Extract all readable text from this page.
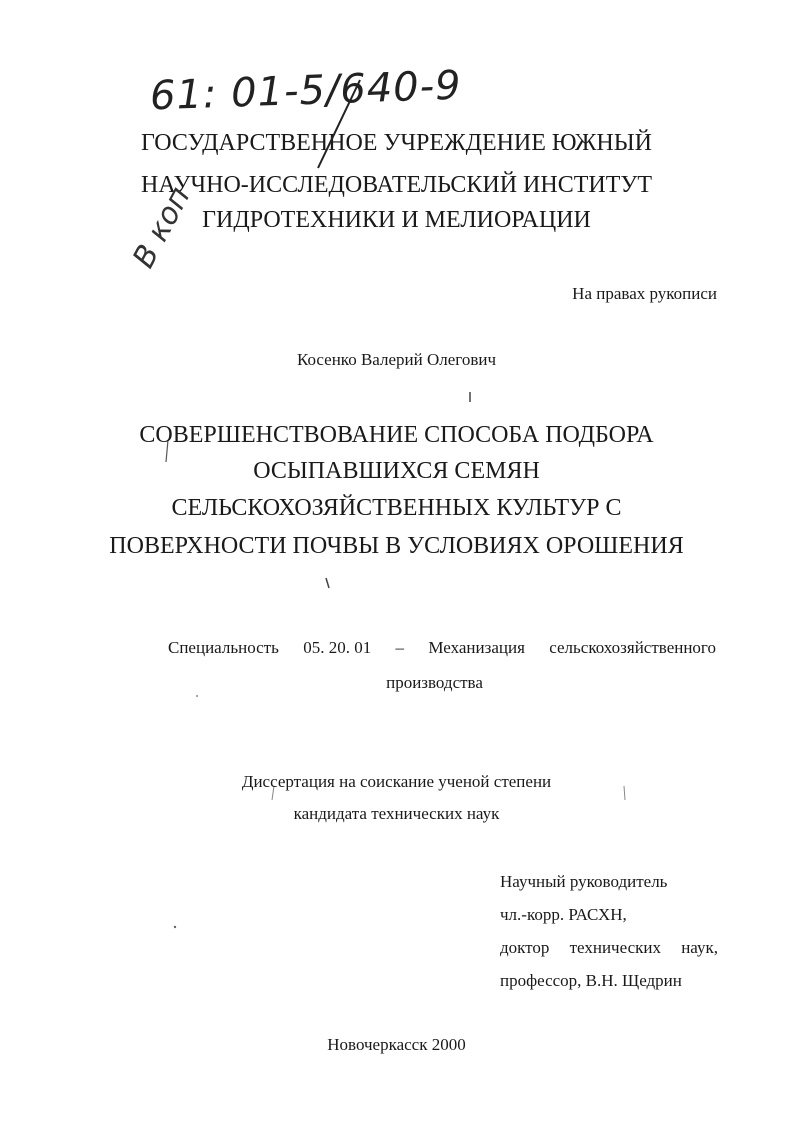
61: 01-5/640-9
ГОСУДАРСТВЕННОЕ УЧРЕЖДЕНИЕ ЮЖНЫЙ
НАУЧНО-ИССЛЕДОВАТЕЛЬСКИЙ ИНСТИТУТ
ГИДРОТЕХНИКИ И МЕЛИОРАЦИИ
На правах рукописи
В коп
Косенко Валерий Олегович
СОВЕРШЕНСТВОВАНИЕ СПОСОБА ПОДБОРА
ОСЫПАВШИХСЯ СЕМЯН
СЕЛЬСКОХОЗЯЙСТВЕННЫХ КУЛЬТУР С
ПОВЕРХНОСТИ ПОЧВЫ В УСЛОВИЯХ ОРОШЕНИЯ
Специальность 05. 20. 01 – Механизация сельскохозяйственного
производства
Диссертация на соискание ученой степени
кандидата технических наук
Научный руководитель
чл.-корр. РАСХН,
доктор технических наук,
профессор, В.Н. Щедрин
Новочеркасск 2000
